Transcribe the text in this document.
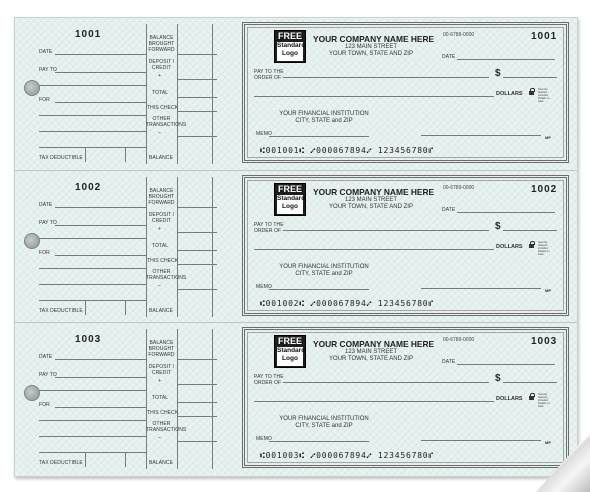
1001
DATE
PAY TO
FOR
TAX DEDUCTIBLE
BALANCE
BROUGHT
FORWARD
DEPOSIT /
CREDIT
+
TOTAL
THIS CHECK
OTHER
TRANSACTIONS
–
BALANCE
FREE
Standard
Logo
YOUR COMPANY NAME HERE
123 MAIN STREET
YOUR TOWN, STATE AND ZIP
00-6789-0000	1001
DATE
PAY TO THE
ORDER OF	$
DOLLARS
Security features included. Details on back.
YOUR FINANCIAL INSTITUTION
CITY, STATE and ZIP
MEMO
MP
⑆001001⑆ ⑇000067894⑇ 123456780⑈
1002
DATE
PAY TO
FOR
TAX DEDUCTIBLE
BALANCE
BROUGHT
FORWARD
DEPOSIT /
CREDIT
+
TOTAL
THIS CHECK
OTHER
TRANSACTIONS
–
BALANCE
FREE
Standard
Logo
YOUR COMPANY NAME HERE
123 MAIN STREET
YOUR TOWN, STATE AND ZIP
00-6789-0000	1002
DATE
PAY TO THE
ORDER OF	$
DOLLARS
Security features included. Details on back.
YOUR FINANCIAL INSTITUTION
CITY, STATE and ZIP
MEMO
MP
⑆001002⑆ ⑇000067894⑇ 123456780⑈
1003
DATE
PAY TO
FOR
TAX DEDUCTIBLE
BALANCE
BROUGHT
FORWARD
DEPOSIT /
CREDIT
+
TOTAL
THIS CHECK
OTHER
TRANSACTIONS
–
BALANCE
FREE
Standard
Logo
YOUR COMPANY NAME HERE
123 MAIN STREET
YOUR TOWN, STATE AND ZIP
00-6789-0000	1003
DATE
PAY TO THE
ORDER OF	$
DOLLARS
Security features included. Details on back.
YOUR FINANCIAL INSTITUTION
CITY, STATE and ZIP
MEMO
MP
⑆001003⑆ ⑇000067894⑇ 123456780⑈
